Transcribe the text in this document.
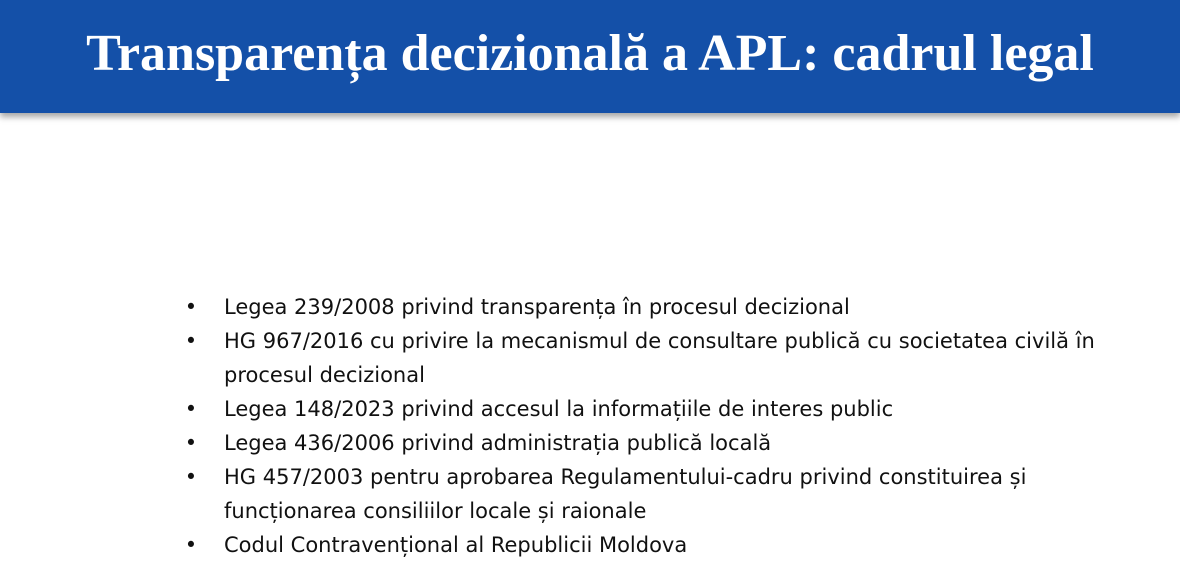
Transparența decizională a APL: cadrul legal
• Legea 239/2008 privind transparența în procesul decizional
• HG 967/2016 cu privire la mecanismul de consultare publică cu societatea civilă în procesul decizional
• Legea 148/2023 privind accesul la informațiile de interes public
• Legea 436/2006 privind administrația publică locală
• HG 457/2003 pentru aprobarea Regulamentului-cadru privind constituirea și funcționarea consiliilor locale și raionale
• Codul Contravențional al Republicii Moldova
